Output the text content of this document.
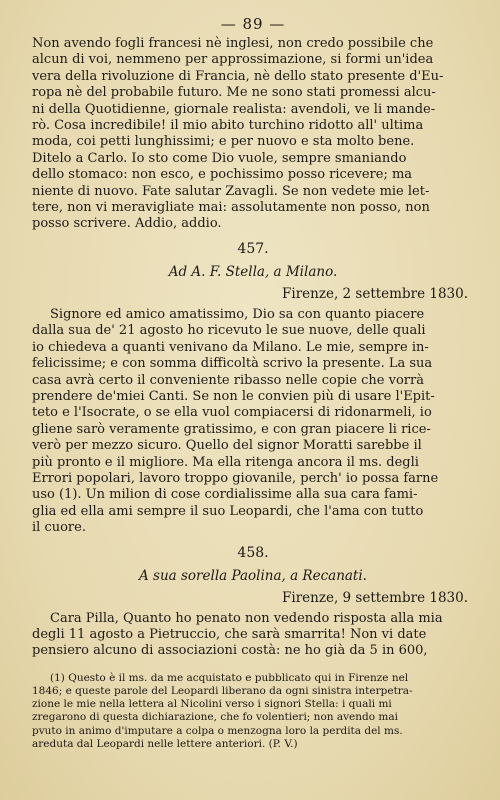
— 89 —

Non avendo fogli francesi nè inglesi, non credo possibile che
alcun di voi, nemmeno per approssimazione, si formi un'idea
vera della rivoluzione di Francia, nè dello stato presente d'Eu-
ropa nè del probabile futuro. Me ne sono stati promessi alcu-
ni della Quotidienne, giornale realista: avendoli, ve li mande-
rò. Cosa incredibile! il mio abito turchino ridotto all' ultima
moda, coi petti lunghissimi; e per nuovo e sta molto bene.
Ditelo a Carlo. Io sto come Dio vuole, sempre smaniando
dello stomaco: non esco, e pochissimo posso ricevere; ma
niente di nuovo. Fate salutar Zavagli. Se non vedete mie let-
tere, non vi meravigliate mai: assolutamente non posso, non
posso scrivere. Addio, addio.

457.
Ad A. F. Stella, a Milano.
Firenze, 2 settembre 1830.

Signore ed amico amatissimo, Dio sa con quanto piacere
dalla sua de' 21 agosto ho ricevuto le sue nuove, delle quali
io chiedeva a quanti venivano da Milano. Le mie, sempre in-
felicissime; e con somma difficoltà scrivo la presente. La sua
casa avrà certo il conveniente ribasso nelle copie che vorrà
prendere de'miei Canti. Se non le convien più di usare l'Epit-
teto e l'Isocrate, o se ella vuol compiacersi di ridonarmeli, io
gliene sarò veramente gratissimo, e con gran piacere li rice-
verò per mezzo sicuro. Quello del signor Moratti sarebbe il
più pronto e il migliore. Ma ella ritenga ancora il ms. degli
Errori popolari, lavoro troppo giovanile, perch' io possa farne
uso (1). Un milion di cose cordialissime alla sua cara fami-
glia ed ella ami sempre il suo Leopardi, che l'ama con tutto
il cuore.

458.
A sua sorella Paolina, a Recanati.
Firenze, 9 settembre 1830.

Cara Pilla, Quanto ho penato non vedendo risposta alla mia
degli 11 agosto a Pietruccio, che sarà smarrita! Non vi date
pensiero alcuno di associazioni costà: ne ho già da 5 in 600,

(1) Questo è il ms. da me acquistato e pubblicato qui in Firenze nel
1846; e queste parole del Leopardi liberano da ogni sinistra interpetra-
zione le mie nella lettera al Nicolini verso i signori Stella: i quali mi
zregarono di questa dichiarazione, che fo volentieri; non avendo mai
pvuto in animo d'imputare a colpa o menzogna loro la perdita del ms.
areduta dal Leopardi nelle lettere anteriori. (P. V.)
